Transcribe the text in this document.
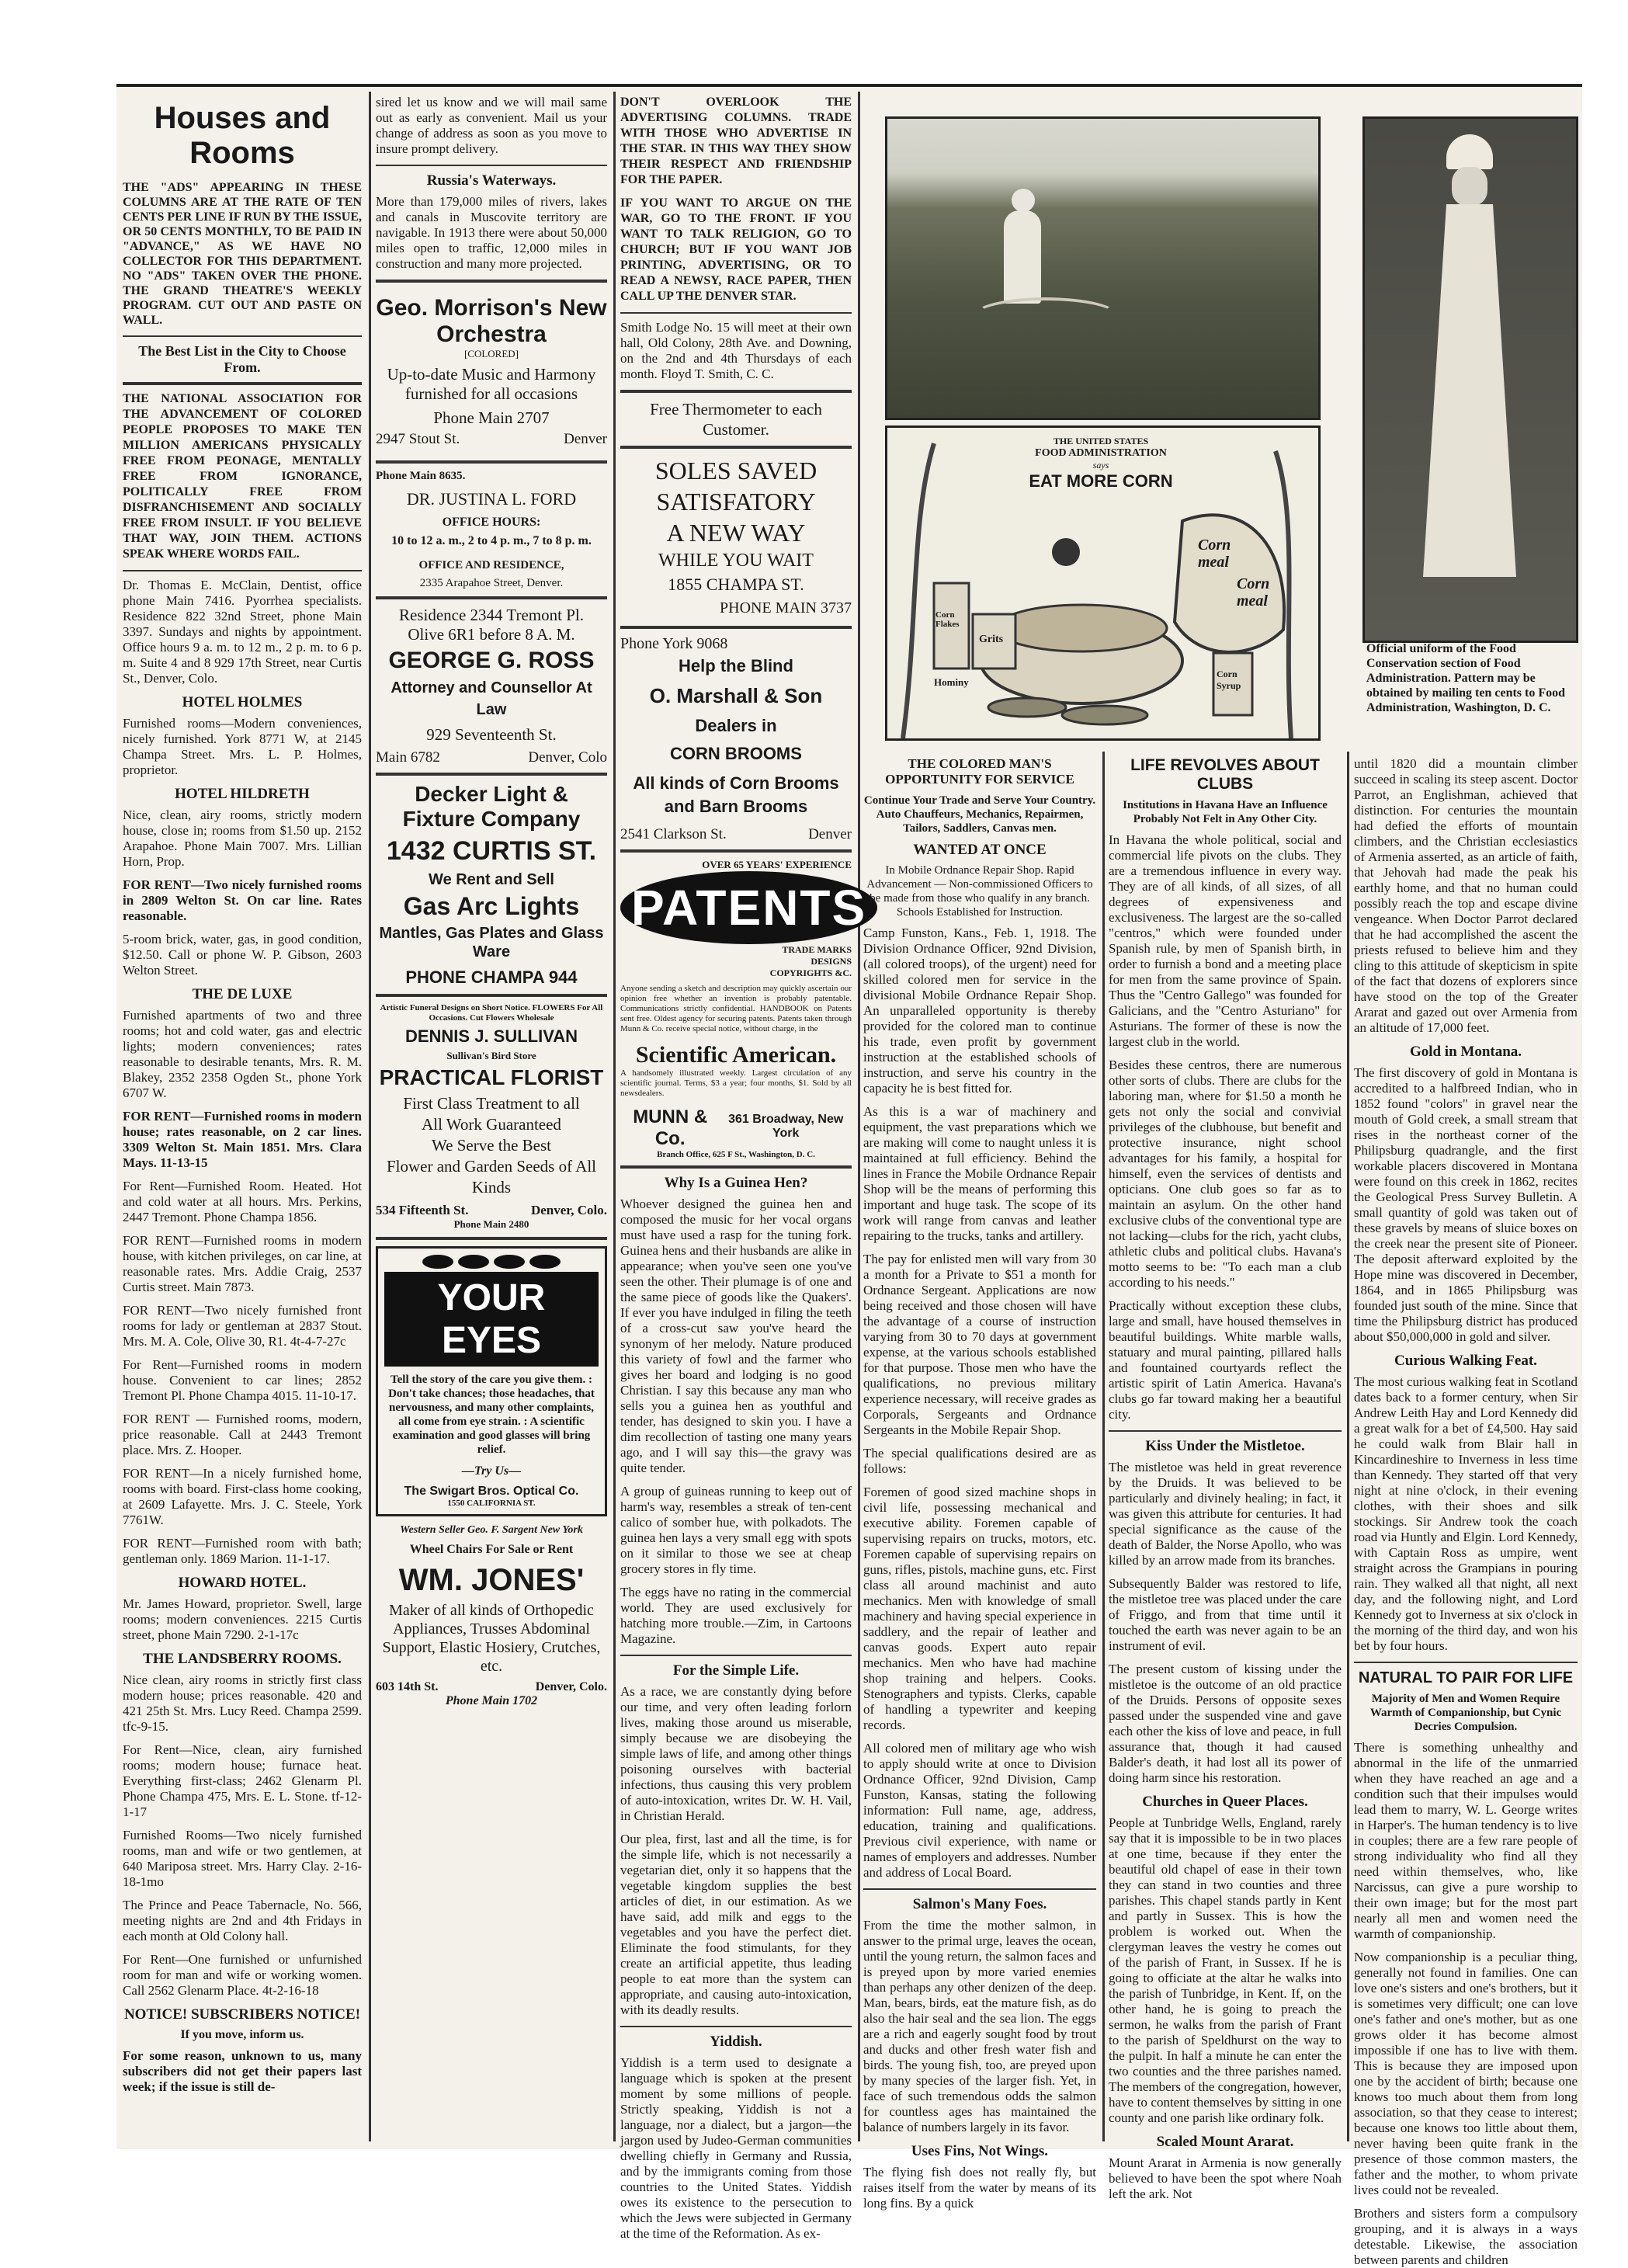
Houses and Rooms

THE "ADS" APPEARING IN THESE COLUMNS ARE AT THE RATE OF TEN CENTS PER LINE IF RUN BY THE ISSUE, OR 50 CENTS MONTHLY, TO BE PAID IN "ADVANCE," AS WE HAVE NO COLLECTOR FOR THIS DEPARTMENT. NO "ADS" TAKEN OVER THE PHONE. THE GRAND THEATRE'S WEEKLY PROGRAM. CUT OUT AND PASTE ON WALL.

The Best List in the City to Choose From.

THE NATIONAL ASSOCIATION FOR THE ADVANCEMENT OF COLORED PEOPLE PROPOSES TO MAKE TEN MILLION AMERICANS PHYSICALLY FREE FROM PEONAGE, MENTALLY FREE FROM IGNORANCE, POLITICALLY FREE FROM DISFRANCHISEMENT AND SOCIALLY FREE FROM INSULT. IF YOU BELIEVE THAT WAY, JOIN THEM. ACTIONS SPEAK WHERE WORDS FAIL.

Dr. Thomas E. McClain, Dentist, office phone Main 7416. Pyorrhea specialists. Residence 822 32nd Street, phone Main 3397. Sundays and nights by appointment. Office hours 9 a. m. to 12 m., 2 p. m. to 6 p. m. Suite 4 and 8 929 17th Street, near Curtis St., Denver, Colo.

HOTEL HOLMES

Furnished rooms—Modern conveniences, nicely furnished. York 8771 W, at 2145 Champa Street. Mrs. L. P. Holmes, proprietor.

HOTEL HILDRETH

Nice, clean, airy rooms, strictly modern house, close in; rooms from $1.50 up. 2152 Arapahoe. Phone Main 7007. Mrs. Lillian Horn, Prop.

FOR RENT—Two nicely furnished rooms in 2809 Welton St. On car line. Rates reasonable.

5-room brick, water, gas, in good condition, $12.50. Call or phone W. P. Gibson, 2603 Welton Street.

THE DE LUXE

Furnished apartments of two and three rooms; hot and cold water, gas and electric lights; modern conveniences; rates reasonable to desirable tenants, Mrs. R. M. Blakey, 2352 2358 Ogden St., phone York 6707 W.

FOR RENT—Furnished rooms in modern house; rates reasonable, on 2 car lines. 3309 Welton St. Main 1851. Mrs. Clara Mays. 11-13-15

For Rent—Furnished Room. Heated. Hot and cold water at all hours. Mrs. Perkins, 2447 Tremont. Phone Champa 1856.

FOR RENT—Furnished rooms in modern house, with kitchen privileges, on car line, at reasonable rates. Mrs. Addie Craig, 2537 Curtis street. Main 7873.

FOR RENT—Two nicely furnished front rooms for lady or gentleman at 2837 Stout. Mrs. M. A. Cole, Olive 30, R1. 4t-4-7-27c

For Rent—Furnished rooms in modern house. Convenient to car lines; 2852 Tremont Pl. Phone Champa 4015. 11-10-17.

FOR RENT — Furnished rooms, modern, price reasonable. Call at 2443 Tremont place. Mrs. Z. Hooper.

FOR RENT—In a nicely furnished home, rooms with board. First-class home cooking, at 2609 Lafayette. Mrs. J. C. Steele, York 7761W.

FOR RENT—Furnished room with bath; gentleman only. 1869 Marion. 11-1-17.

HOWARD HOTEL.

Mr. James Howard, proprietor. Swell, large rooms; modern conveniences. 2215 Curtis street, phone Main 7290. 2-1-17c

THE LANDSBERRY ROOMS.

Nice clean, airy rooms in strictly first class modern house; prices reasonable. 420 and 421 25th St. Mrs. Lucy Reed. Champa 2599. tfc-9-15.

For Rent—Nice, clean, airy furnished rooms; modern house; furnace heat. Everything first-class; 2462 Glenarm Pl. Phone Champa 475, Mrs. E. L. Stone. tf-12-1-17

Furnished Rooms—Two nicely furnished rooms, man and wife or two gentlemen, at 640 Mariposa street. Mrs. Harry Clay. 2-16-18-1mo

The Prince and Peace Tabernacle, No. 566, meeting nights are 2nd and 4th Fridays in each month at Old Colony hall.

For Rent—One furnished or unfurnished room for man and wife or working women. Call 2562 Glenarm Place. 4t-2-16-18

NOTICE! SUBSCRIBERS NOTICE!
If you move, inform us.

For some reason, unknown to us, many subscribers did not get their papers last week; if the issue is still de-

sired let us know and we will mail same out as early as convenient. Mail us your change of address as soon as you move to insure prompt delivery.

Russia's Waterways.

More than 179,000 miles of rivers, lakes and canals in Muscovite territory are navigable. In 1913 there were about 50,000 miles open to traffic, 12,000 miles in construction and many more projected.

Geo. Morrison's New Orchestra
[COLORED]
Up-to-date Music and Harmony furnished for all occasions
Phone Main 2707
2947 Stout St.	Denver
Phone Main 8635.
DR. JUSTINA L. FORD
OFFICE HOURS:
10 to 12 a. m., 2 to 4 p. m., 7 to 8 p. m.
OFFICE AND RESIDENCE,
2335 Arapahoe Street, Denver.
Residence 2344 Tremont Pl.
Olive 6R1 before 8 A. M.
GEORGE G. ROSS
Attorney and Counsellor At Law
929 Seventeenth St.
Main 6782	Denver, Colo
Decker Light & Fixture Company
1432 CURTIS ST.
We Rent and Sell
Gas Arc Lights
Mantles, Gas Plates and Glass Ware
PHONE CHAMPA 944
Artistic Funeral Designs on Short Notice. FLOWERS For All Occasions. Cut Flowers Wholesale
DENNIS J. SULLIVAN
Sullivan's Bird Store
PRACTICAL FLORIST
First Class Treatment to all
All Work Guaranteed
We Serve the Best
Flower and Garden Seeds of All Kinds
534 Fifteenth St.	Denver, Colo.
Phone Main 2480
YOUR EYES

Tell the story of the care you give them. : Don't take chances; those headaches, that nervousness, and many other complaints, all come from eye strain. : A scientific examination and good glasses will bring relief.

—Try Us—
The Swigart Bros. Optical Co.
1550 CALIFORNIA ST.
Western Seller Geo. F. Sargent New York
Wheel Chairs For Sale or Rent
WM. JONES'
Maker of all kinds of Orthopedic Appliances, Trusses Abdominal Support, Elastic Hosiery, Crutches, etc.
603 14th St.	Denver, Colo.
Phone Main 1702

DON'T OVERLOOK THE ADVERTISING COLUMNS. TRADE WITH THOSE WHO ADVERTISE IN THE STAR. IN THIS WAY THEY SHOW THEIR RESPECT AND FRIENDSHIP FOR THE PAPER.

IF YOU WANT TO ARGUE ON THE WAR, GO TO THE FRONT. IF YOU WANT TO TALK RELIGION, GO TO CHURCH; BUT IF YOU WANT JOB PRINTING, ADVERTISING, OR TO READ A NEWSY, RACE PAPER, THEN CALL UP THE DENVER STAR.

Smith Lodge No. 15 will meet at their own hall, Old Colony, 28th Ave. and Downing, on the 2nd and 4th Thursdays of each month. Floyd T. Smith, C. C.

Free Thermometer to each Customer.
SOLES SAVED
SATISFATORY
A NEW WAY
WHILE YOU WAIT
1855 CHAMPA ST.
PHONE MAIN 3737
Phone York 9068
Help the Blind
O. Marshall & Son
Dealers in
CORN BROOMS
All kinds of Corn Brooms and Barn Brooms
2541 Clarkson St.	Denver
OVER 65 YEARS' EXPERIENCE
PATENTS
TRADE MARKS DESIGNS COPYRIGHTS &C.

Anyone sending a sketch and description may quickly ascertain our opinion free whether an invention is probably patentable. Communications strictly confidential. HANDBOOK on Patents sent free. Oldest agency for securing patents. Patents taken through Munn & Co. receive special notice, without charge, in the

Scientific American.

A handsomely illustrated weekly. Largest circulation of any scientific journal. Terms, $3 a year; four months, $1. Sold by all newsdealers.

MUNN & Co.
361 Broadway, New York
Branch Office, 625 F St., Washington, D. C.
Why Is a Guinea Hen?

Whoever designed the guinea hen and composed the music for her vocal organs must have used a rasp for the tuning fork. Guinea hens and their husbands are alike in appearance; when you've seen one you've seen the other. Their plumage is of one and the same piece of goods like the Quakers'. If ever you have indulged in filing the teeth of a cross-cut saw you've heard the synonym of her melody. Nature produced this variety of fowl and the farmer who gives her board and lodging is no good Christian. I say this because any man who sells you a guinea hen as youthful and tender, has designed to skin you. I have a dim recollection of tasting one many years ago, and I will say this—the gravy was quite tender.

A group of guineas running to keep out of harm's way, resembles a streak of ten-cent calico of somber hue, with polkadots. The guinea hen lays a very small egg with spots on it similar to those we see at cheap grocery stores in fly time.

The eggs have no rating in the commercial world. They are used exclusively for hatching more trouble.—Zim, in Cartoons Magazine.

For the Simple Life.

As a race, we are constantly dying before our time, and very often leading forlorn lives, making those around us miserable, simply because we are disobeying the simple laws of life, and among other things poisoning ourselves with bacterial infections, thus causing this very problem of auto-intoxication, writes Dr. W. H. Vail, in Christian Herald.

Our plea, first, last and all the time, is for the simple life, which is not necessarily a vegetarian diet, only it so happens that the vegetable kingdom supplies the best articles of diet, in our estimation. As we have said, add milk and eggs to the vegetables and you have the perfect diet. Eliminate the food stimulants, for they create an artificial appetite, thus leading people to eat more than the system can appropriate, and causing auto-intoxication, with its deadly results.

Yiddish.

Yiddish is a term used to designate a language which is spoken at the present moment by some millions of people. Strictly speaking, Yiddish is not a language, nor a dialect, but a jargon—the jargon used by Judeo-German communities dwelling chiefly in Germany and Russia, and by the immigrants coming from those countries to the United States. Yiddish owes its existence to the persecution to which the Jews were subjected in Germany at the time of the Reformation. As ex-

THE UNITED STATES
FOOD ADMINISTRATION
says
EAT MORE CORN
Corn meal
Corn meal
Corn Flakes
Grits
Hominy
Corn Syrup
Official uniform of the Food Conservation section of Food Administration. Pattern may be obtained by mailing ten cents to Food Administration, Washington, D. C.
THE COLORED MAN'S OPPORTUNITY FOR SERVICE
Continue Your Trade and Serve Your Country. Auto Chauffeurs, Mechanics, Repairmen, Tailors, Saddlers, Canvas men.
WANTED AT ONCE
In Mobile Ordnance Repair Shop. Rapid Advancement — Non-commissioned Officers to be made from those who qualify in any branch. Schools Established for Instruction.

Camp Funston, Kans., Feb. 1, 1918. The Division Ordnance Officer, 92nd Division, (all colored troops), of the urgent) need for skilled colored men for service in the divisional Mobile Ordnance Repair Shop. An unparalleled opportunity is thereby provided for the colored man to continue his trade, even profit by government instruction at the established schools of instruction, and serve his country in the capacity he is best fitted for.

As this is a war of machinery and equipment, the vast preparations which we are making will come to naught unless it is maintained at full efficiency. Behind the lines in France the Mobile Ordnance Repair Shop will be the means of performing this important and huge task. The scope of its work will range from canvas and leather repairing to the trucks, tanks and artillery.

The pay for enlisted men will vary from 30 a month for a Private to $51 a month for Ordnance Sergeant. Applications are now being received and those chosen will have the advantage of a course of instruction varying from 30 to 70 days at government expense, at the various schools established for that purpose. Those men who have the qualifications, no previous military experience necessary, will receive grades as Corporals, Sergeants and Ordnance Sergeants in the Mobile Repair Shop.

The special qualifications desired are as follows:

Foremen of good sized machine shops in civil life, possessing mechanical and executive ability. Foremen capable of supervising repairs on trucks, motors, etc. Foremen capable of supervising repairs on guns, rifles, pistols, machine guns, etc. First class all around machinist and auto mechanics. Men with knowledge of small machinery and having special experience in saddlery, and the repair of leather and canvas goods. Expert auto repair mechanics. Men who have had machine shop training and helpers. Cooks. Stenographers and typists. Clerks, capable of handling a typewriter and keeping records.

All colored men of military age who wish to apply should write at once to Division Ordnance Officer, 92nd Division, Camp Funston, Kansas, stating the following information: Full name, age, address, education, training and qualifications. Previous civil experience, with name or names of employers and addresses. Number and address of Local Board.

Salmon's Many Foes.

From the time the mother salmon, in answer to the primal urge, leaves the ocean, until the young return, the salmon faces and is preyed upon by more varied enemies than perhaps any other denizen of the deep. Man, bears, birds, eat the mature fish, as do also the hair seal and the sea lion. The eggs are a rich and eagerly sought food by trout and ducks and other fresh water fish and birds. The young fish, too, are preyed upon by many species of the larger fish. Yet, in face of such tremendous odds the salmon for countless ages has maintained the balance of numbers largely in its favor.

Uses Fins, Not Wings.

The flying fish does not really fly, but raises itself from the water by means of its long fins. By a quick

LIFE REVOLVES ABOUT CLUBS
Institutions in Havana Have an Influence Probably Not Felt in Any Other City.

In Havana the whole political, social and commercial life pivots on the clubs. They are a tremendous influence in every way. They are of all kinds, of all sizes, of all degrees of expensiveness and exclusiveness. The largest are the so-called "centros," which were founded under Spanish rule, by men of Spanish birth, in order to furnish a bond and a meeting place for men from the same province of Spain. Thus the "Centro Gallego" was founded for Galicians, and the "Centro Asturiano" for Asturians. The former of these is now the largest club in the world.

Besides these centros, there are numerous other sorts of clubs. There are clubs for the laboring man, where for $1.50 a month he gets not only the social and convivial privileges of the clubhouse, but benefit and protective insurance, night school advantages for his family, a hospital for himself, even the services of dentists and opticians. One club goes so far as to maintain an asylum. On the other hand exclusive clubs of the conventional type are not lacking—clubs for the rich, yacht clubs, athletic clubs and political clubs. Havana's motto seems to be: "To each man a club according to his needs."

Practically without exception these clubs, large and small, have housed themselves in beautiful buildings. White marble walls, statuary and mural painting, pillared halls and fountained courtyards reflect the artistic spirit of Latin America. Havana's clubs go far toward making her a beautiful city.

Kiss Under the Mistletoe.

The mistletoe was held in great reverence by the Druids. It was believed to be particularly and divinely healing; in fact, it was given this attribute for centuries. It had special significance as the cause of the death of Balder, the Norse Apollo, who was killed by an arrow made from its branches.

Subsequently Balder was restored to life, the mistletoe tree was placed under the care of Friggo, and from that time until it touched the earth was never again to be an instrument of evil.

The present custom of kissing under the mistletoe is the outcome of an old practice of the Druids. Persons of opposite sexes passed under the suspended vine and gave each other the kiss of love and peace, in full assurance that, though it had caused Balder's death, it had lost all its power of doing harm since his restoration.

Churches in Queer Places.

People at Tunbridge Wells, England, rarely say that it is impossible to be in two places at one time, because if they enter the beautiful old chapel of ease in their town they can stand in two counties and three parishes. This chapel stands partly in Kent and partly in Sussex. This is how the problem is worked out. When the clergyman leaves the vestry he comes out of the parish of Frant, in Sussex. If he is going to officiate at the altar he walks into the parish of Tunbridge, in Kent. If, on the other hand, he is going to preach the sermon, he walks from the parish of Frant to the parish of Speldhurst on the way to the pulpit. In half a minute he can enter the two counties and the three parishes named. The members of the congregation, however, have to content themselves by sitting in one county and one parish like ordinary folk.

Scaled Mount Ararat.

Mount Ararat in Armenia is now generally believed to have been the spot where Noah left the ark. Not

until 1820 did a mountain climber succeed in scaling its steep ascent. Doctor Parrot, an Englishman, achieved that distinction. For centuries the mountain had defied the efforts of mountain climbers, and the Christian ecclesiastics of Armenia asserted, as an article of faith, that Jehovah had made the peak his earthly home, and that no human could possibly reach the top and escape divine vengeance. When Doctor Parrot declared that he had accomplished the ascent the priests refused to believe him and they cling to this attitude of skepticism in spite of the fact that dozens of explorers since have stood on the top of the Greater Ararat and gazed out over Armenia from an altitude of 17,000 feet.

Gold in Montana.

The first discovery of gold in Montana is accredited to a halfbreed Indian, who in 1852 found "colors" in gravel near the mouth of Gold creek, a small stream that rises in the northeast corner of the Philipsburg quadrangle, and the first workable placers discovered in Montana were found on this creek in 1862, recites the Geological Press Survey Bulletin. A small quantity of gold was taken out of these gravels by means of sluice boxes on the creek near the present site of Pioneer. The deposit afterward exploited by the Hope mine was discovered in December, 1864, and in 1865 Philipsburg was founded just south of the mine. Since that time the Philipsburg district has produced about $50,000,000 in gold and silver.

Curious Walking Feat.

The most curious walking feat in Scotland dates back to a former century, when Sir Andrew Leith Hay and Lord Kennedy did a great walk for a bet of £4,500. Hay said he could walk from Blair hall in Kincardineshire to Inverness in less time than Kennedy. They started off that very night at nine o'clock, in their evening clothes, with their shoes and silk stockings. Sir Andrew took the coach road via Huntly and Elgin. Lord Kennedy, with Captain Ross as umpire, went straight across the Grampians in pouring rain. They walked all that night, all next day, and the following night, and Lord Kennedy got to Inverness at six o'clock in the morning of the third day, and won his bet by four hours.

NATURAL TO PAIR FOR LIFE
Majority of Men and Women Require Warmth of Companionship, but Cynic Decries Compulsion.

There is something unhealthy and abnormal in the life of the unmarried when they have reached an age and a condition such that their impulses would lead them to marry, W. L. George writes in Harper's. The human tendency is to live in couples; there are a few rare people of strong individuality who find all they need within themselves, who, like Narcissus, can give a pure worship to their own image; but for the most part nearly all men and women need the warmth of companionship.

Now companionship is a peculiar thing, generally not found in families. One can love one's sisters and one's brothers, but it is sometimes very difficult; one can love one's father and one's mother, but as one grows older it has become almost impossible if one has to live with them. This is because they are imposed upon one by the accident of birth; because one knows too much about them from long association, so that they cease to interest; because one knows too little about them, never having been quite frank in the presence of those common masters, the father and the mother, to whom private lives could not be revealed.

Brothers and sisters form a compulsory grouping, and it is always in a ways detestable. Likewise, the association between parents and children
